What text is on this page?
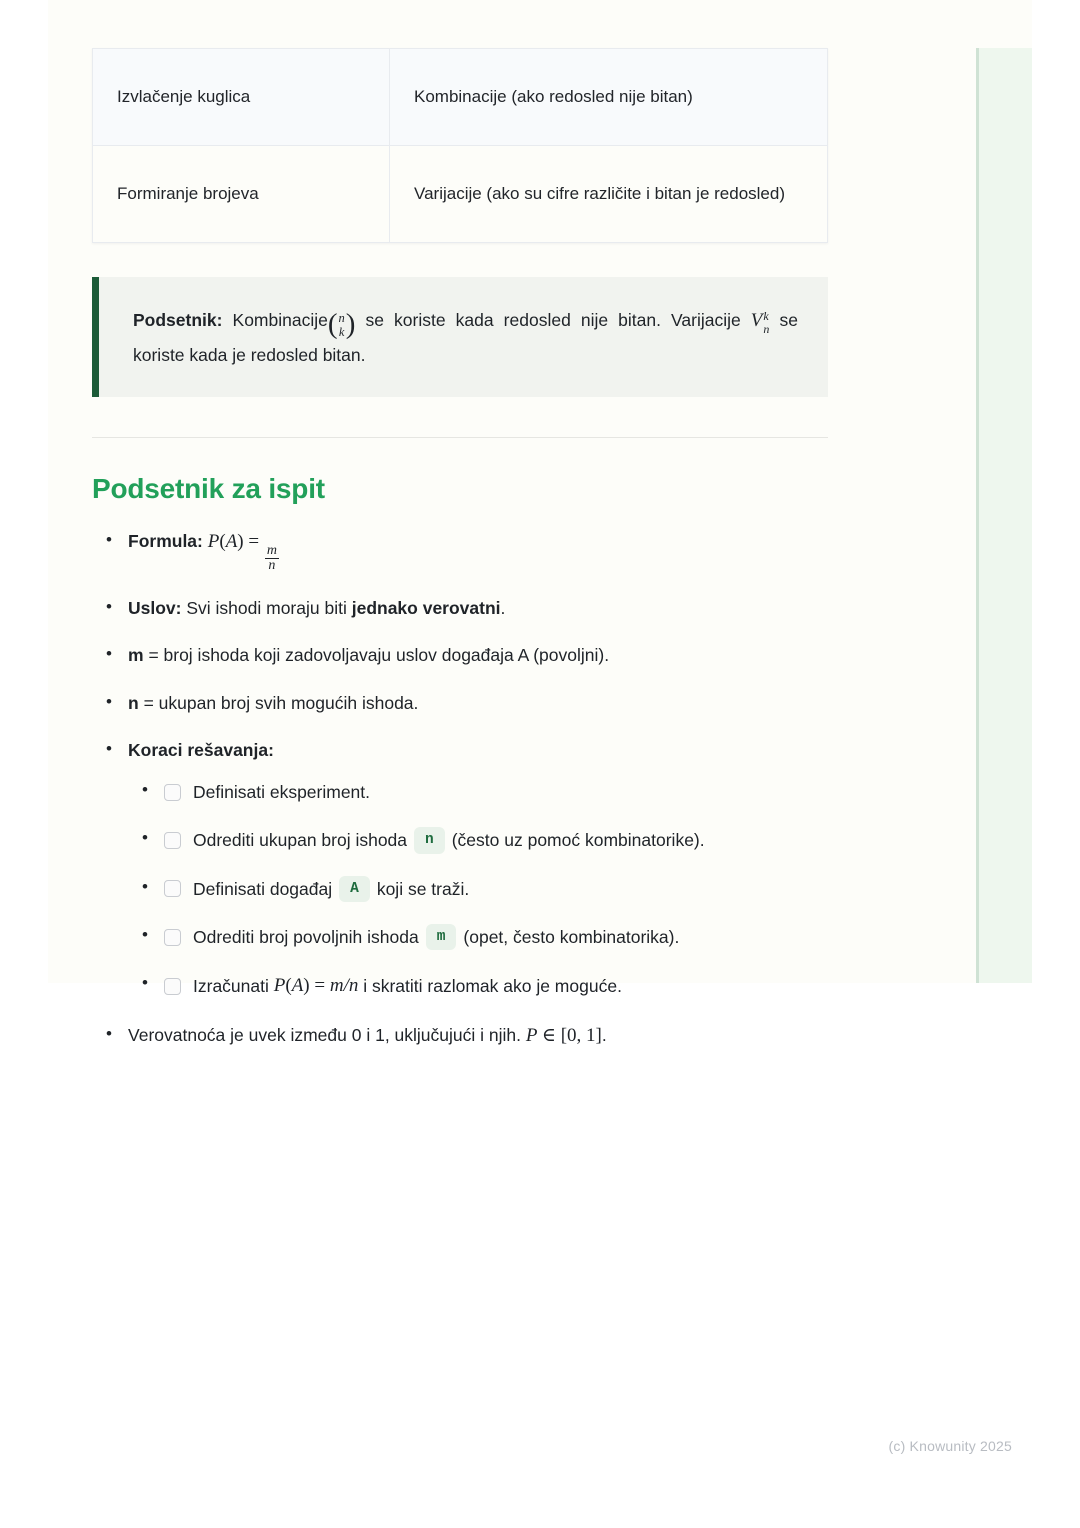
Izvlačenje kuglica	Kombinacije (ako redosled nije bitan)
Formiranje brojeva	Varijacije (ako su cifre različite i bitan je redosled)

Podsetnik: Kombinacije ( n
k ) se koriste kada redosled nije bitan. Varijacije V k
n se koriste kada je redosled bitan.

Podsetnik za ispit
• Formula: P(A) =
$\frac{m}{n}$
• Uslov: Svi ishodi moraju biti jednako verovatni.
• m = broj ishoda koji zadovoljavaju uslov događaja A (povoljni).
• n = ukupan broj svih mogućih ishoda.
• Koraci rešavanja:
• Definisati eksperiment.
• Odrediti ukupan broj ishoda	n	(često uz pomoć kombinatorike).
• Definisati događaj	A	koji se traži.
• Odrediti broj povoljnih ishoda	m	(opet, često kombinatorika).
• Izračunati
P(A) = m/n
i skratiti razlomak ako je moguće.
• Verovatnoća je uvek između 0 i 1, uključujući i njih. P ∈ [0, 1].
(c) Knowunity 2025
